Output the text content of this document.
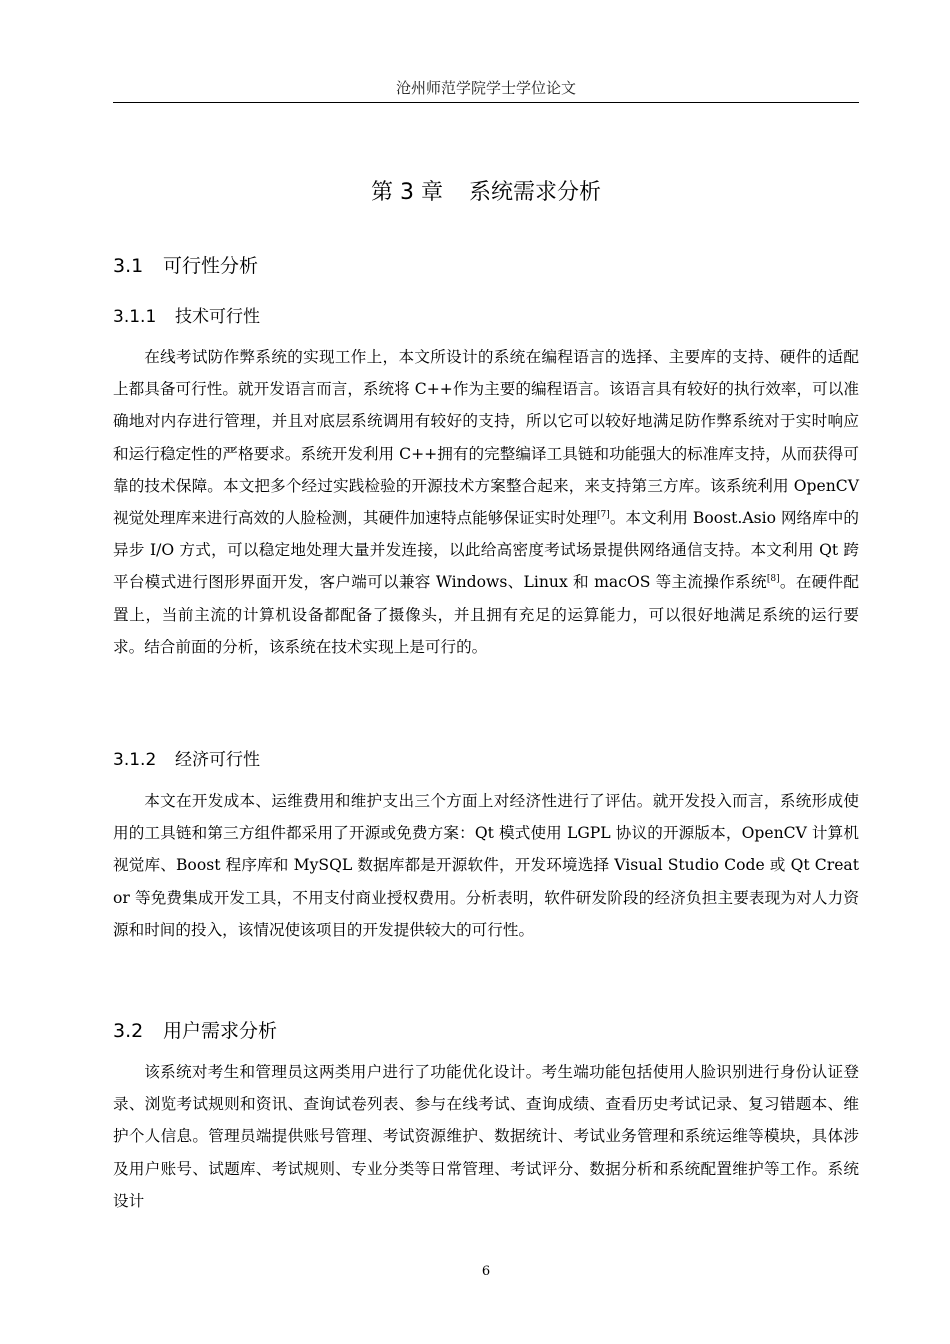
沧州师范学院学士学位论文
第 3 章 系统需求分析
3.1 可行性分析
3.1.1 技术可行性

在线考试防作弊系统的实现工作上，本文所设计的系统在编程语言的选择、主要库的支持、硬件的适配上都具备可行性。就开发语言而言，系统将 C++作为主要的编程语言。该语言具有较好的执行效率，可以准确地对内存进行管理，并且对底层系统调用有较好的支持，所以它可以较好地满足防作弊系统对于实时响应和运行稳定性的严格要求。系统开发利用 C++拥有的完整编译工具链和功能强大的标准库支持，从而获得可靠的技术保障。本文把多个经过实践检验的开源技术方案整合起来，来支持第三方库。该系统利用 OpenCV 视觉处理库来进行高效的人脸检测，其硬件加速特点能够保证实时处理[7]。本文利用 Boost.Asio 网络库中的异步 I/O 方式，可以稳定地处理大量并发连接，以此给高密度考试场景提供网络通信支持。本文利用 Qt 跨平台模式进行图形界面开发，客户端可以兼容 Windows、Linux 和 macOS 等主流操作系统[8]。在硬件配置上，当前主流的计算机设备都配备了摄像头，并且拥有充足的运算能力，可以很好地满足系统的运行要求。结合前面的分析，该系统在技术实现上是可行的。

3.1.2 经济可行性

本文在开发成本、运维费用和维护支出三个方面上对经济性进行了评估。就开发投入而言，系统形成使用的工具链和第三方组件都采用了开源或免费方案：Qt 模式使用 LGPL 协议的开源版本，OpenCV 计算机视觉库、Boost 程序库和 MySQL 数据库都是开源软件，开发环境选择 Visual Studio Code 或 Qt Creator 等免费集成开发工具，不用支付商业授权费用。分析表明，软件研发阶段的经济负担主要表现为对人力资源和时间的投入，该情况使该项目的开发提供较大的可行性。

3.2 用户需求分析

该系统对考生和管理员这两类用户进行了功能优化设计。考生端功能包括使用人脸识别进行身份认证登录、浏览考试规则和资讯、查询试卷列表、参与在线考试、查询成绩、查看历史考试记录、复习错题本、维护个人信息。管理员端提供账号管理、考试资源维护、数据统计、考试业务管理和系统运维等模块，具体涉及用户账号、试题库、考试规则、专业分类等日常管理、考试评分、数据分析和系统配置维护等工作。系统设计

6
